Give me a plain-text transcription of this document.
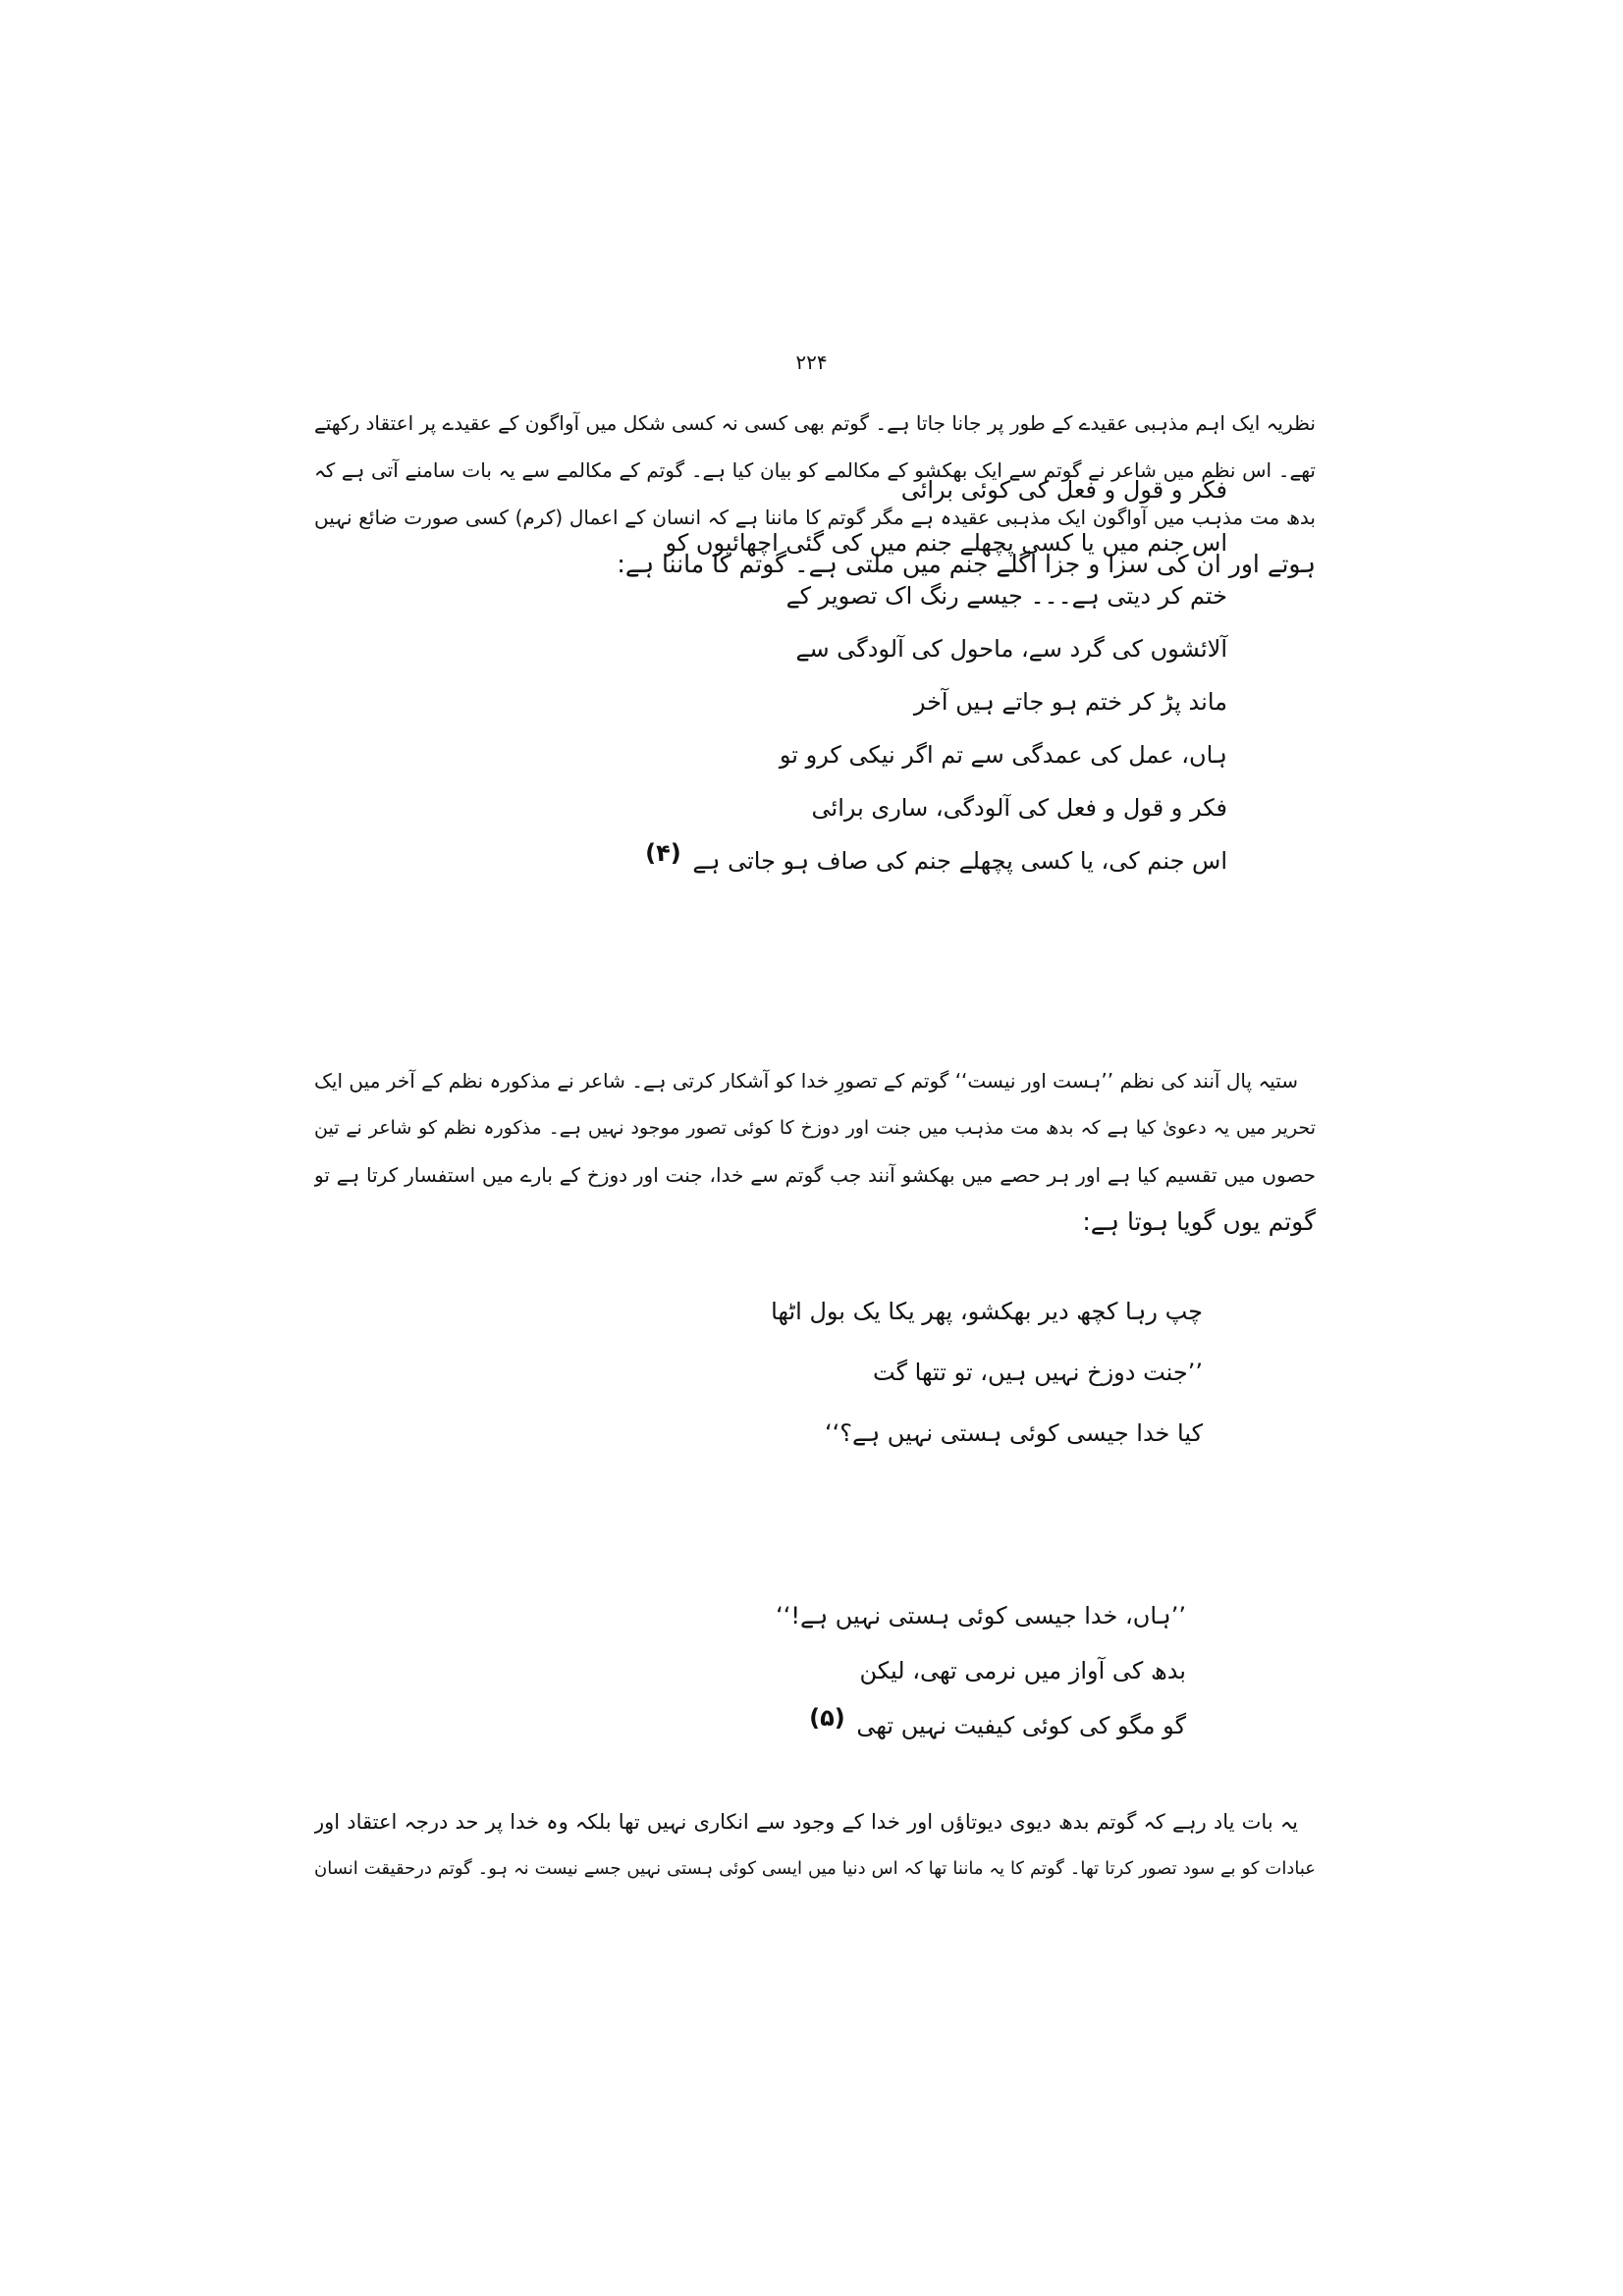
۲۲۴
نظریہ ایک اہم مذہبی عقیدے کے طور پر جانا جاتا ہے۔ گوتم بھی کسی نہ کسی شکل میں آواگون کے عقیدے پر اعتقاد رکھتے
تھے۔ اس نظم میں شاعر نے گوتم سے ایک بھکشو کے مکالمے کو بیان کیا ہے۔ گوتم کے مکالمے سے یہ بات سامنے آتی ہے کہ
بدھ مت مذہب میں آواگون ایک مذہبی عقیدہ ہے مگر گوتم کا ماننا ہے کہ انسان کے اعمال (کرم) کسی صورت ضائع نہیں
ہوتے اور ان کی سزا و جزا اگلے جنم میں ملتی ہے۔ گوتم کا ماننا ہے:
فکر و قول و فعل کی کوئی برائی
اس جنم میں یا کسی پچھلے جنم میں کی گئی اچھائیوں کو
ختم کر دیتی ہے۔۔۔ جیسے رنگ اک تصویر کے
آلائشوں کی گرد سے، ماحول کی آلودگی سے
ماند پڑ کر ختم ہو جاتے ہیں آخر
ہاں، عمل کی عمدگی سے تم اگر نیکی کرو تو
فکر و قول و فعل کی آلودگی، ساری برائی
اس جنم کی، یا کسی پچھلے جنم کی صاف ہو جاتی ہے (۴)
ستیہ پال آنند کی نظم ’’ہست اور نیست‘‘ گوتم کے تصورِ خدا کو آشکار کرتی ہے۔ شاعر نے مذکورہ نظم کے آخر میں ایک
تحریر میں یہ دعویٰ کیا ہے کہ بدھ مت مذہب میں جنت اور دوزخ کا کوئی تصور موجود نہیں ہے۔ مذکورہ نظم کو شاعر نے تین
حصوں میں تقسیم کیا ہے اور ہر حصے میں بھکشو آنند جب گوتم سے خدا، جنت اور دوزخ کے بارے میں استفسار کرتا ہے تو
گوتم یوں گویا ہوتا ہے:
چپ رہا کچھ دیر بھکشو، پھر یکا یک بول اٹھا
’’جنت دوزخ نہیں ہیں، تو تتھا گت
کیا خدا جیسی کوئی ہستی نہیں ہے؟‘‘
’’ہاں، خدا جیسی کوئی ہستی نہیں ہے!‘‘
بدھ کی آواز میں نرمی تھی، لیکن
گو مگو کی کوئی کیفیت نہیں تھی (۵)
یہ بات یاد رہے کہ گوتم بدھ دیوی دیوتاؤں اور خدا کے وجود سے انکاری نہیں تھا بلکہ وہ خدا پر حد درجہ اعتقاد اور
عبادات کو بے سود تصور کرتا تھا۔ گوتم کا یہ ماننا تھا کہ اس دنیا میں ایسی کوئی ہستی نہیں جسے نیست نہ ہو۔ گوتم درحقیقت انسان
